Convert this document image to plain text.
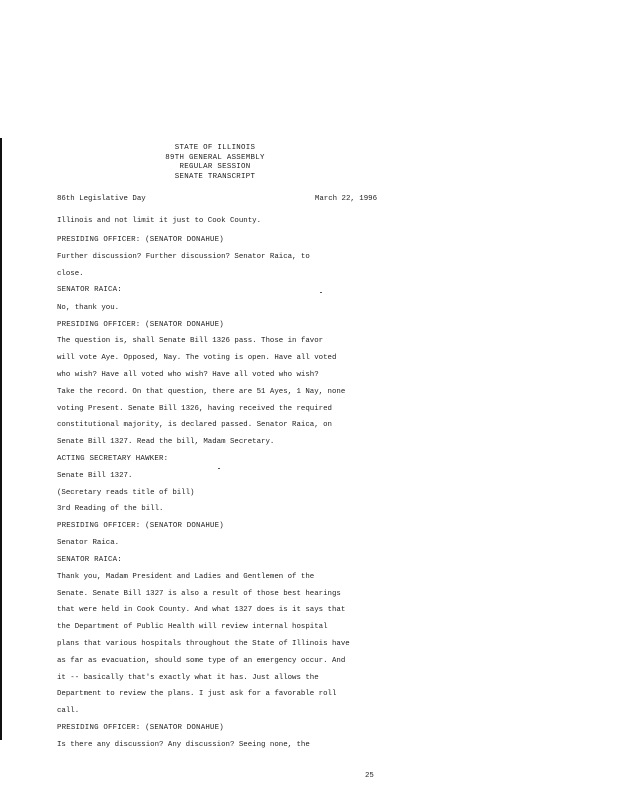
STATE OF ILLINOIS
89TH GENERAL ASSEMBLY
REGULAR SESSION
SENATE TRANSCRIPT
86th Legislative Day	March 22, 1996
Illinois and not limit it just to Cook County.
PRESIDING OFFICER: (SENATOR DONAHUE)
Further discussion? Further discussion? Senator Raica, to
close.
SENATOR RAICA:
No, thank you.
PRESIDING OFFICER: (SENATOR DONAHUE)
The question is, shall Senate Bill 1326 pass. Those in favor
will vote Aye. Opposed, Nay. The voting is open. Have all voted
who wish? Have all voted who wish? Have all voted who wish?
Take the record. On that question, there are 51 Ayes, 1 Nay, none
voting Present. Senate Bill 1326, having received the required
constitutional majority, is declared passed. Senator Raica, on
Senate Bill 1327. Read the bill, Madam Secretary.
ACTING SECRETARY HAWKER:
Senate Bill 1327.
(Secretary reads title of bill)
3rd Reading of the bill.
PRESIDING OFFICER: (SENATOR DONAHUE)
Senator Raica.
SENATOR RAICA:
Thank you, Madam President and Ladies and Gentlemen of the
Senate. Senate Bill 1327 is also a result of those best hearings
that were held in Cook County. And what 1327 does is it says that
the Department of Public Health will review internal hospital
plans that various hospitals throughout the State of Illinois have
as far as evacuation, should some type of an emergency occur. And
it -- basically that's exactly what it has. Just allows the
Department to review the plans. I just ask for a favorable roll
call.
PRESIDING OFFICER: (SENATOR DONAHUE)
Is there any discussion? Any discussion? Seeing none, the
25
